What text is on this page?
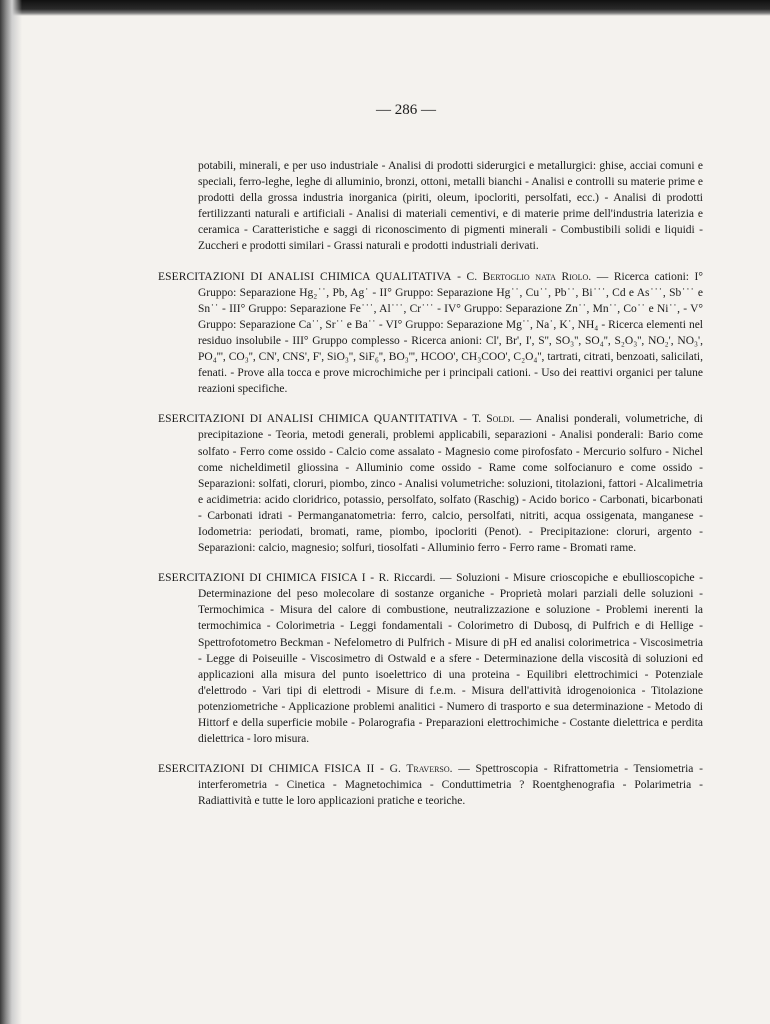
— 286 —

potabili, minerali, e per uso industriale - Analisi di prodotti siderurgici e metallurgici: ghise, acciai comuni e speciali, ferro-leghe, leghe di alluminio, bronzi, ottoni, metalli bianchi - Analisi e controlli su materie prime e prodotti della grossa industria inorganica (piriti, oleum, ipocloriti, persolfati, ecc.) - Analisi di prodotti fertilizzanti naturali e artificiali - Analisi di materiali cementivi, e di materie prime dell'industria laterizia e ceramica - Caratteristiche e saggi di riconoscimento di pigmenti minerali - Combustibili solidi e liquidi - Zuccheri e prodotti similari - Grassi naturali e prodotti industriali derivati.

ESERCITAZIONI DI ANALISI CHIMICA QUALITATIVA - C. Bertoglio nata Riolo. — Ricerca cationi: I° Gruppo: Separazione Hg₂˙˙, Pb, Ag˙ - II° Gruppo: Separazione Hg˙˙, Cu˙˙, Pb˙˙, Bi˙˙˙, Cd e As˙˙˙, Sb˙˙˙ e Sn˙˙ - III° Gruppo: Separazione Fe˙˙˙, Al˙˙˙, Cr˙˙˙ - IV° Gruppo: Separazione Zn˙˙, Mn˙˙, Co˙˙ e Ni˙˙, - V° Gruppo: Separazione Ca˙˙, Sr˙˙ e Ba˙˙ - VI° Gruppo: Separazione Mg˙˙, Na˙, K˙, NH₄ - Ricerca elementi nel residuo insolubile - III° Gruppo complesso - Ricerca anioni: Cl', Br', I', S'', SO₃'', SO₄'', S₂O₃'', NO₂', NO₃', PO₄''', CO₃'', CN', CNS', F', SiO₃'', SiF₆'', BO₃''', HCOO', CH₃COO', C₂O₄'', tartrati, citrati, benzoati, salicilati, fenati. - Prove alla tocca e prove microchimiche per i principali cationi. - Uso dei reattivi organici per talune reazioni specifiche.

ESERCITAZIONI DI ANALISI CHIMICA QUANTITATIVA - T. Soldi. — Analisi ponderali, volumetriche, di precipitazione - Teoria, metodi generali, problemi applicabili, separazioni - Analisi ponderali: Bario come solfato - Ferro come ossido - Calcio come assalato - Magnesio come pirofosfato - Mercurio solfuro - Nichel come nicheldimetil gliossina - Alluminio come ossido - Rame come solfocianuro e come ossido - Separazioni: solfati, cloruri, piombo, zinco - Analisi volumetriche: soluzioni, titolazioni, fattori - Alcalimetria e acidimetria: acido cloridrico, potassio, persolfato, solfato (Raschig) - Acido borico - Carbonati, bicarbonati - Carbonati idrati - Permanganatometria: ferro, calcio, persolfati, nitriti, acqua ossigenata, manganese - Iodometria: periodati, bromati, rame, piombo, ipocloriti (Penot). - Precipitazione: cloruri, argento - Separazioni: calcio, magnesio; solfuri, tiosolfati - Alluminio ferro - Ferro rame - Bromati rame.

ESERCITAZIONI DI CHIMICA FISICA I - R. Riccardi. — Soluzioni - Misure crioscopiche e ebullioscopiche - Determinazione del peso molecolare di sostanze organiche - Proprietà molari parziali delle soluzioni - Termochimica - Misura del calore di combustione, neutralizzazione e soluzione - Problemi inerenti la termochimica - Colorimetria - Leggi fondamentali - Colorimetro di Dubosq, di Pulfrich e di Hellige - Spettrofotometro Beckman - Nefelometro di Pulfrich - Misure di pH ed analisi colorimetrica - Viscosimetria - Legge di Poiseuille - Viscosimetro di Ostwald e a sfere - Determinazione della viscosità di soluzioni ed applicazioni alla misura del punto isoelettrico di una proteina - Equilibri elettrochimici - Potenziale d'elettrodo - Vari tipi di elettrodi - Misure di f.e.m. - Misura dell'attività idrogenoionica - Titolazione potenziometriche - Applicazione problemi analitici - Numero di trasporto e sua determinazione - Metodo di Hittorf e della superficie mobile - Polarografia - Preparazioni elettrochimiche - Costante dielettrica e perdita dielettrica - loro misura.

ESERCITAZIONI DI CHIMICA FISICA II - G. Traverso. — Spettroscopia - Rifrattometria - Tensiometria - interferometria - Cinetica - Magnetochimica - Conduttimetria ? Roentghenografia - Polarimetria - Radiattività e tutte le loro applicazioni pratiche e teoriche.
